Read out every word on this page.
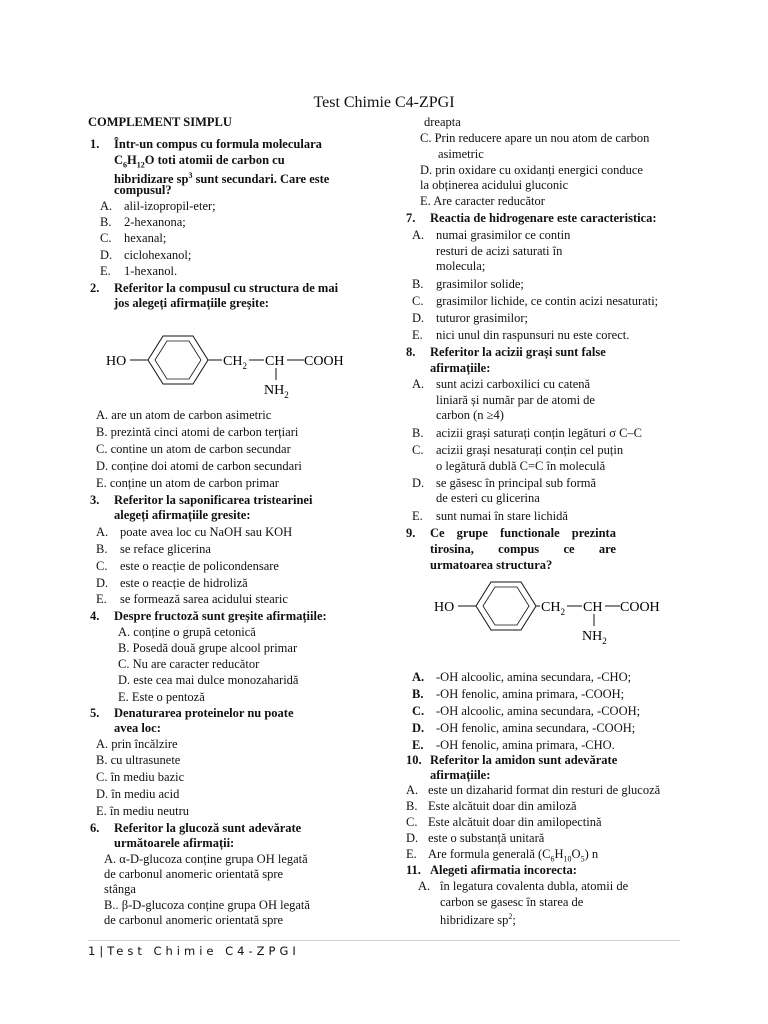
Test Chimie C4-ZPGI
COMPLEMENT SIMPLU
1. Într-un compus cu formula moleculara
$C_6H_{12}O$ toti atomii de carbon cu
hibridizare $sp^3$ sunt secundari. Care este
compusul?
A. alil-izopropil-eter;
B. 2-hexanona;
C. hexanal;
D. ciclohexanol;
E. 1-hexanol.
2. Referitor la compusul cu structura de mai
jos alegeți afirmațiile greșite:
HO	$CH_2$ CH COOH
$NH_2$
A. are un atom de carbon asimetric
B. prezintă cinci atomi de carbon terțiari
C. contine un atom de carbon secundar
D. conține doi atomi de carbon secundari
E. conține un atom de carbon primar
3. Referitor la saponificarea tristearinei
alegeți afirmațiile gresite:
A. poate avea loc cu NaOH sau KOH
B. se reface glicerina
C. este o reacție de policondensare
D. este o reacție de hidroliză
E. se formează sarea acidului stearic
4. Despre fructoză sunt greșite afirmațiile:
A. conține o grupă cetonică
B. Posedă două grupe alcool primar
C. Nu are caracter reducător
D. este cea mai dulce monozaharidă
E. Este o pentoză
5. Denaturarea proteinelor nu poate
avea loc:
A. prin încălzire
B. cu ultrasunete
C. în mediu bazic
D. în mediu acid
E. în mediu neutru
6. Referitor la glucoză sunt adevărate
următoarele afirmații:
A. α-D-glucoza conține grupa OH legată
de carbonul anomeric orientată spre
stânga
B.. β-D-glucoza conține grupa OH legată
de carbonul anomeric orientată spre
dreapta
C. Prin reducere apare un nou atom de carbon
asimetric
D. prin oxidare cu oxidanți energici conduce
la obținerea acidului gluconic
E. Are caracter reducător
7. Reactia de hidrogenare este caracteristica:
A. numai grasimilor ce contin
resturi de acizi saturati în
molecula;
B. grasimilor solide;
C. grasimilor lichide, ce contin acizi nesaturati;
D. tuturor grasimilor;
E. nici unul din raspunsuri nu este corect.
8. Referitor la acizii grași sunt false
afirmațiile:
A. sunt acizi carboxilici cu catenă
liniară și număr par de atomi de
carbon (n ≥4)
B. acizii grași saturați conțin legături σ C–C
C. acizii grași nesaturați conțin cel puțin
o legătură dublă C=C în moleculă
D. se găsesc în principal sub formă
de esteri cu glicerina
E. sunt numai în stare lichidă
9. Ce grupe functionale prezinta
tirosina, compus ce are
urmatoarea structura?
HO	$CH_2$ CH COOH
$NH_2$
A. -OH alcoolic, amina secundara, -CHO;
B. -OH fenolic, amina primara, -COOH;
C. -OH alcoolic, amina secundara, -COOH;
D. -OH fenolic, amina secundara, -COOH;
E. -OH fenolic, amina primara, -CHO.
10. Referitor la amidon sunt adevărate
afirmațiile:
A. este un dizaharid format din resturi de glucoză
B. Este alcătuit doar din amiloză
C. Este alcătuit doar din amilopectină
D. este o substanță unitară
E. Are formula generală $(C_6H_{10}O_5)$ n
11. Alegeti afirmatia incorecta:
A. în legatura covalenta dubla, atomii de
carbon se gasesc în starea de
hibridizare $sp^2$;
1|Test Chimie C4-ZPGI
